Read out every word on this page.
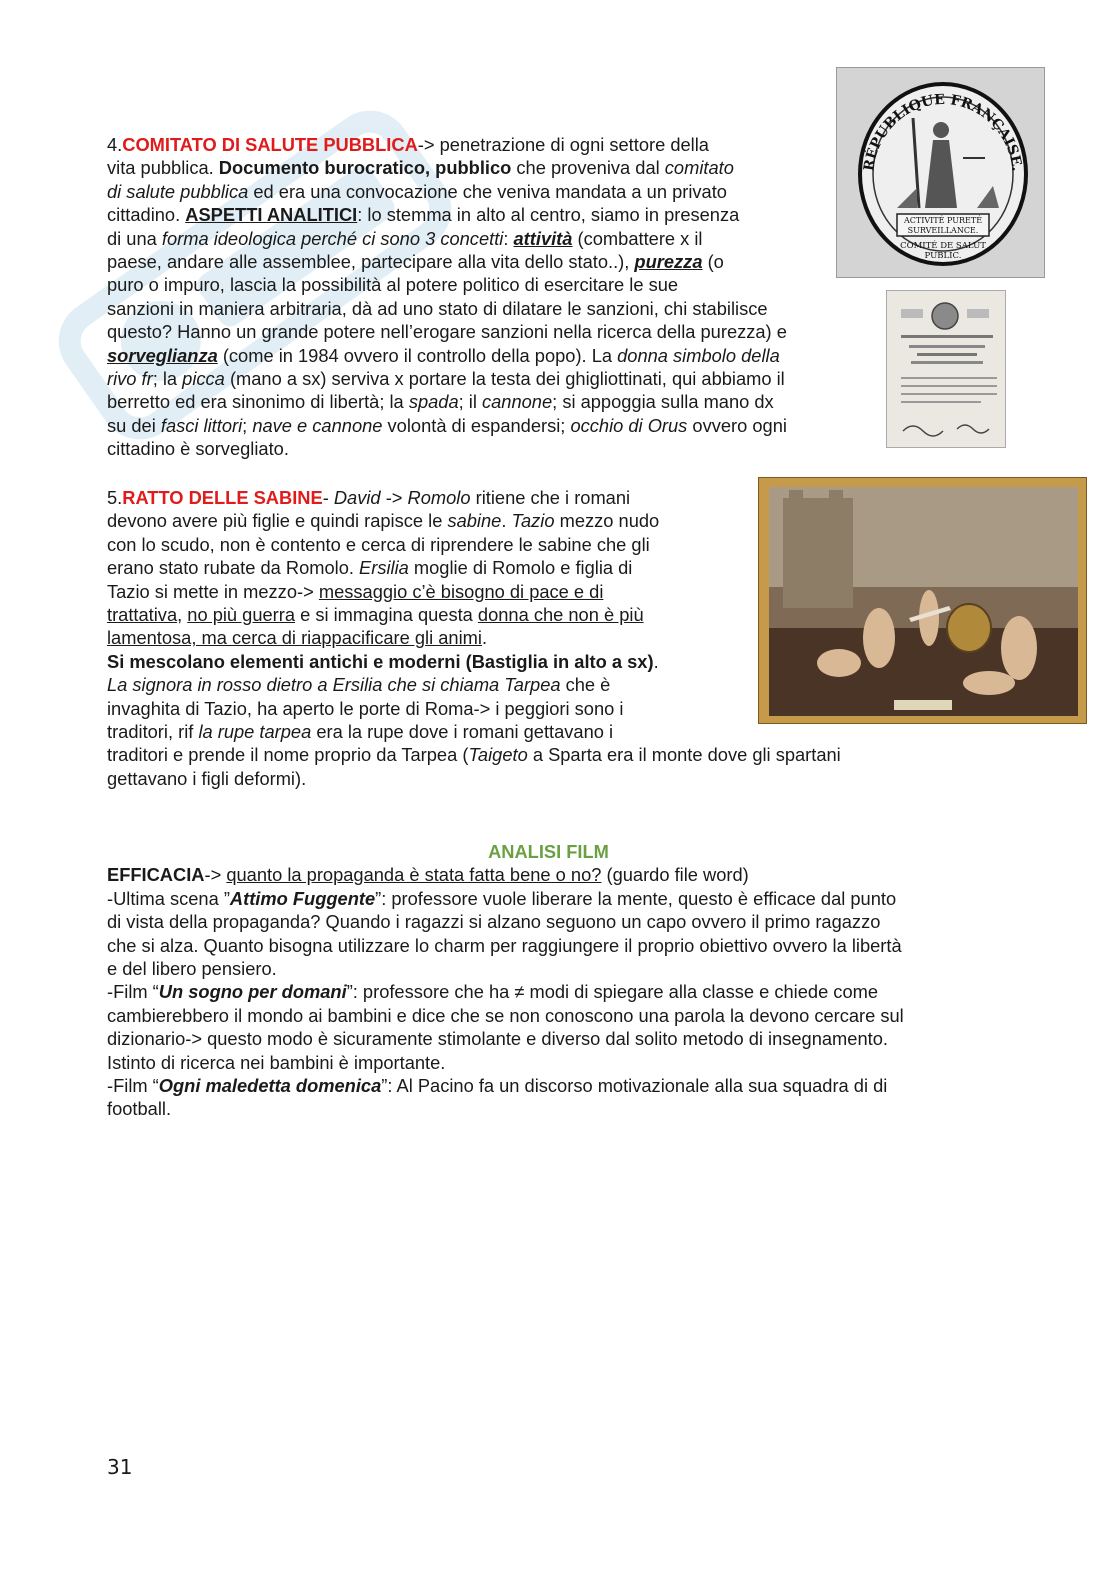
4.COMITATO DI SALUTE PUBBLICA-> penetrazione di ogni settore della
vita pubblica. Documento burocratico, pubblico che proveniva dal comitato
di salute pubblica ed era una convocazione che veniva mandata a un privato
cittadino. ASPETTI ANALITICI: lo stemma in alto al centro, siamo in presenza
di una forma ideologica perché ci sono 3 concetti: attività (combattere x il
paese, andare alle assemblee, partecipare alla vita dello stato..), purezza (o
puro o impuro, lascia la possibilità al potere politico di esercitare le sue
sanzioni in maniera arbitraria, dà ad uno stato di dilatare le sanzioni, chi stabilisce
questo? Hanno un grande potere nell’erogare sanzioni nella ricerca della purezza) e
sorveglianza (come in 1984 ovvero il controllo della popo). La donna simbolo della
rivo fr; la picca (mano a sx) serviva x portare la testa dei ghigliottinati, qui abbiamo il
berretto ed era sinonimo di libertà; la spada; il cannone; si appoggia sulla mano dx
su dei fasci littori; nave e cannone volontà di espandersi; occhio di Orus ovvero ogni
cittadino è sorvegliato.
RÉPUBLIQUE FRANÇAISE.
ACTIVITÉ PURETÉ
SURVEILLANCE.
COMITÉ DE SALUT
PUBLIC.
5.RATTO DELLE SABINE- David -> Romolo ritiene che i romani
devono avere più figlie e quindi rapisce le sabine. Tazio mezzo nudo
con lo scudo, non è contento e cerca di riprendere le sabine che gli
erano stato rubate da Romolo. Ersilia moglie di Romolo e figlia di
Tazio si mette in mezzo-> messaggio c’è bisogno di pace e di
trattativa, no più guerra e si immagina questa donna che non è più
lamentosa, ma cerca di riappacificare gli animi.
Si mescolano elementi antichi e moderni (Bastiglia in alto a sx).
La signora in rosso dietro a Ersilia che si chiama Tarpea che è
invaghita di Tazio, ha aperto le porte di Roma-> i peggiori sono i
traditori, rif la rupe tarpea era la rupe dove i romani gettavano i
traditori e prende il nome proprio da Tarpea (Taigeto a Sparta era il monte dove gli spartani
gettavano i figli deformi).
ANALISI FILM
EFFICACIA-> quanto la propaganda è stata fatta bene o no? (guardo file word)
-Ultima scena ”Attimo Fuggente”: professore vuole liberare la mente, questo è efficace dal punto
di vista della propaganda? Quando i ragazzi si alzano seguono un capo ovvero il primo ragazzo
che si alza. Quanto bisogna utilizzare lo charm per raggiungere il proprio obiettivo ovvero la libertà
e del libero pensiero.
-Film “Un sogno per domani”: professore che ha ≠ modi di spiegare alla classe e chiede come
cambierebbero il mondo ai bambini e dice che se non conoscono una parola la devono cercare sul
dizionario-> questo modo è sicuramente stimolante e diverso dal solito metodo di insegnamento.
Istinto di ricerca nei bambini è importante.
-Film “Ogni maledetta domenica”: Al Pacino fa un discorso motivazionale alla sua squadra di di
football.
31
